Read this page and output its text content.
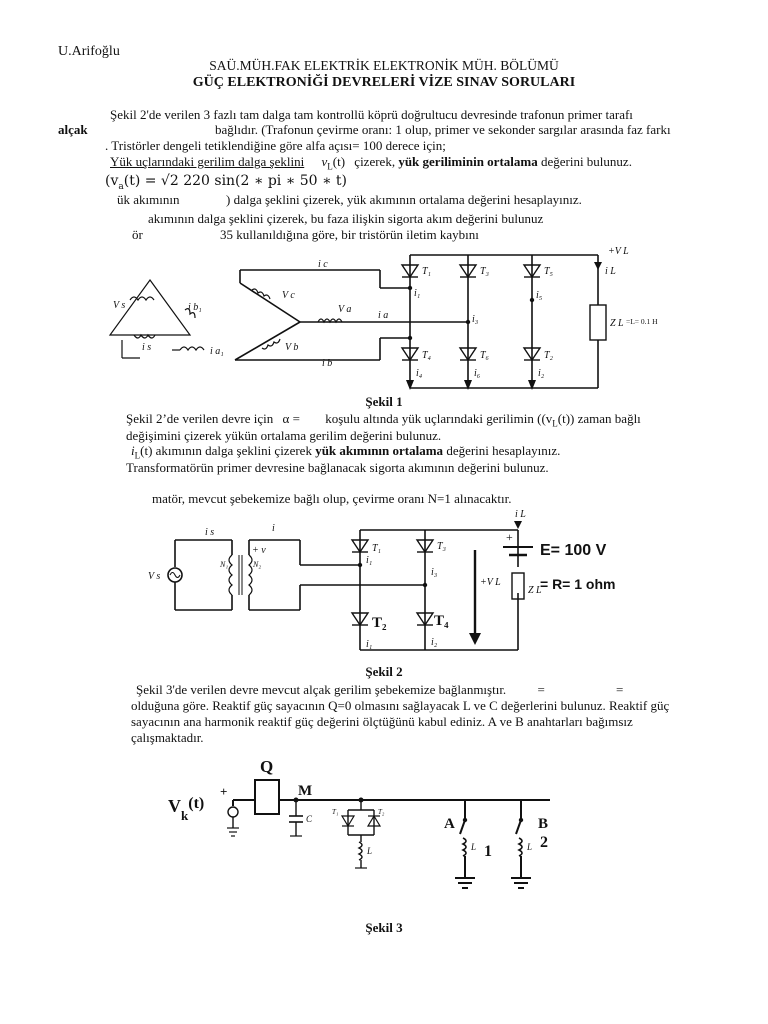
U.Arifoğlu
SAÜ.MÜH.FAK ELEKTRİK ELEKTRONİK MÜH. BÖLÜMÜ
GÜÇ ELEKTRONİĞİ DEVRELERİ VİZE SINAV SORULARI
Şekil 2'de verilen 3 fazlı tam dalga tam kontrollü köprü doğrultucu devresinde trafonun primer tarafı
alçak	bağlıdır. (Trafonun çevirme oranı: 1 olup, primer ve sekonder sargılar arasında faz farkı
. Tristörler dengeli tetiklendiğine göre alfa açısı= 100 derece için;
Yük uçlarındaki gerilim dalga şeklini $v_L(t)$ çizerek, yük geriliminin ortalama değerini bulunuz.
($v_a(t) = √2$ 220 sin(2 ∗ pi ∗ 50 ∗ t)
ük akımının	) dalga şeklini çizerek, yük akımının ortalama değerini hesaplayınız.
akımının dalga şeklini çizerek, bu faza ilişkin sigorta akım değerini bulunuz
ör	35 kullanıldığına göre, bir tristörün iletim kaybını
V s
i s	i a₁
i b₁
i c
V c
V a
i a
V b
i b
T₁	T₃	T₅
i₁
i₃
i₅
T₄	T₆	T₂
i₄	i₆	i₂
+V L
i L
Z L =L= 0.1 H
Şekil 1
Şekil 2’de verilen devre için α = koşulu altında yük uçlarındaki gerilimin ($(v_L(t))$ zaman bağlı
değişimini çizerek yükün ortalama gerilim değerini bulunuz.
$i_L(t)$ akımının dalga şeklini çizerek yük akımının ortalama değerini hesaplayınız.
Transformatörün primer devresine bağlanacak sigorta akımının değerini bulunuz.
matör, mevcut şebekemize bağlı olup, çevirme oranı N=1 alınacaktır.
i s	i
V s
+ v
N₁	N₂
T₁	T₃
i₁
i₃
i₁	i₂
i L
+V L
Z L
+
T₂	T₄
E= 100 V
= R= 1 ohm
Şekil 2
Şekil 3'de verilen devre mevcut alçak gerilim şebekemize bağlanmıştır. =	=
olduğuna göre. Reaktif güç sayacının Q=0 olmasını sağlayacak L ve C değerlerini bulunuz. Reaktif güç
sayacının ana harmonik reaktif güç değerini ölçtüğünü kabul ediniz. A ve B anahtarları bağımsız
çalışmaktadır.
$V_k(t)$
+
Q
M
A	B
1
2
C
T₁	T₂
L	L	L
Şekil 3
